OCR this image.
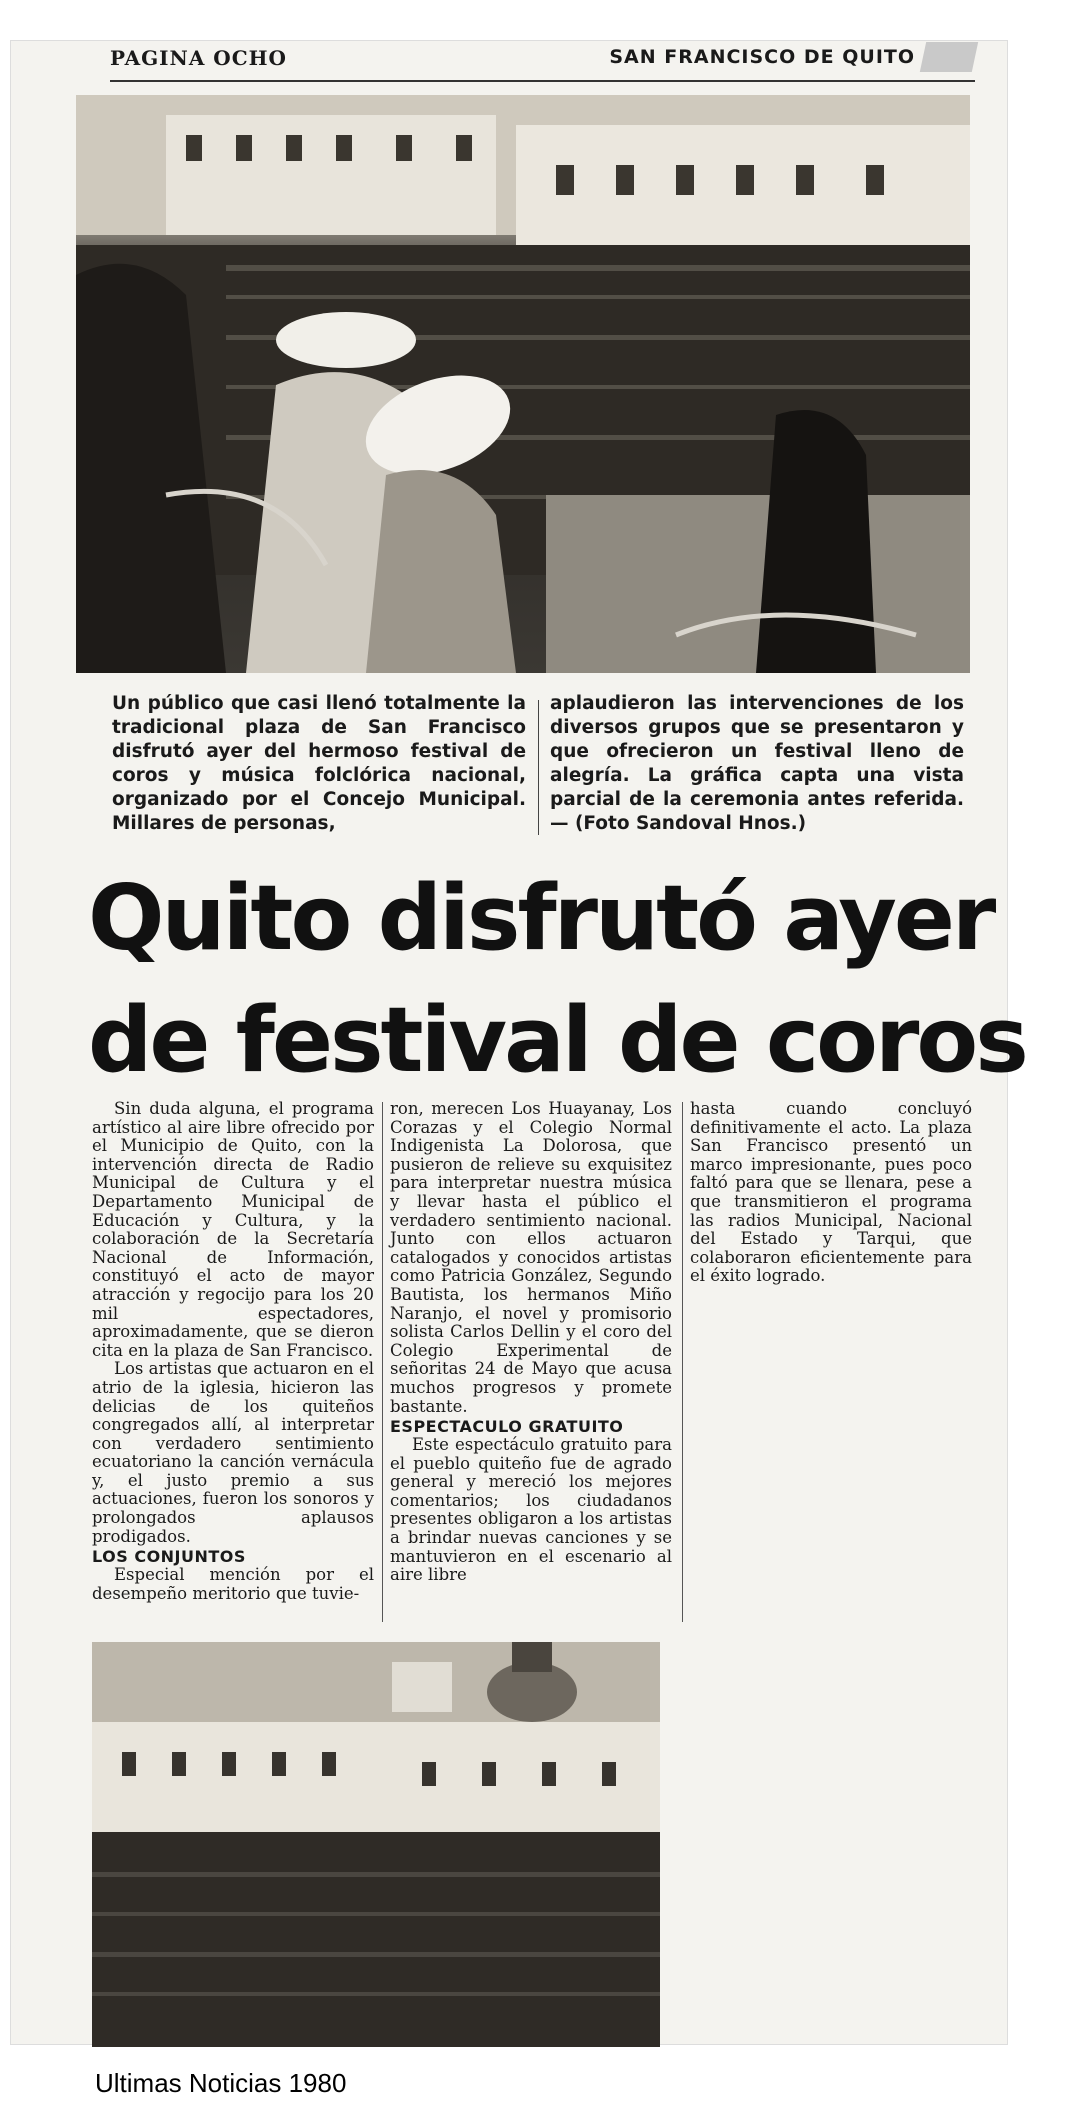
PAGINA OCHO	SAN FRANCISCO DE QUITO

Un público que casi llenó totalmente la tradicional plaza de San Francisco disfrutó ayer del hermoso festival de coros y música folclórica nacional, organizado por el Concejo Municipal. Millares de personas,

aplaudieron las intervenciones de los diversos grupos que se presentaron y que ofrecieron un festival lleno de alegría. La gráfica capta una vista parcial de la ceremonia antes referida.— (Foto Sandoval Hnos.)

Quito disfrutó ayer
de festival de coros

Sin duda alguna, el programa artístico al aire libre ofrecido por el Municipio de Quito, con la intervención directa de Radio Municipal de Cultura y el Departamento Municipal de Educación y Cultura, y la colaboración de la Secretaría Nacional de Información, constituyó el acto de mayor atracción y regocijo para los 20 mil espectadores, aproximadamente, que se dieron cita en la plaza de San Francisco.

Los artistas que actuaron en el atrio de la iglesia, hicieron las delicias de los quiteños congregados allí, al interpretar con verdadero sentimiento ecuatoriano la canción vernácula y, el justo premio a sus actuaciones, fueron los sonoros y prolongados aplausos prodigados.

LOS CONJUNTOS

Especial mención por el desempeño meritorio que tuvie-

ron, merecen Los Huayanay, Los Corazas y el Colegio Normal Indigenista La Dolorosa, que pusieron de relieve su exquisitez para interpretar nuestra música y llevar hasta el público el verdadero sentimiento nacional. Junto con ellos actuaron catalogados y conocidos artistas como Patricia González, Segundo Bautista, los hermanos Miño Naranjo, el novel y promisorio solista Carlos Dellin y el coro del Colegio Experimental de señoritas 24 de Mayo que acusa muchos progresos y promete bastante.

ESPECTACULO GRATUITO

Este espectáculo gratuito para el pueblo quiteño fue de agrado general y mereció los mejores comentarios; los ciudadanos presentes obligaron a los artistas a brindar nuevas canciones y se mantuvieron en el escenario al aire libre

hasta cuando concluyó definitivamente el acto. La plaza San Francisco presentó un marco impresionante, pues poco faltó para que se llenara, pese a que transmitieron el programa las radios Municipal, Nacional del Estado y Tarqui, que colaboraron eficientemente para el éxito logrado.

Ultimas Noticias 1980
